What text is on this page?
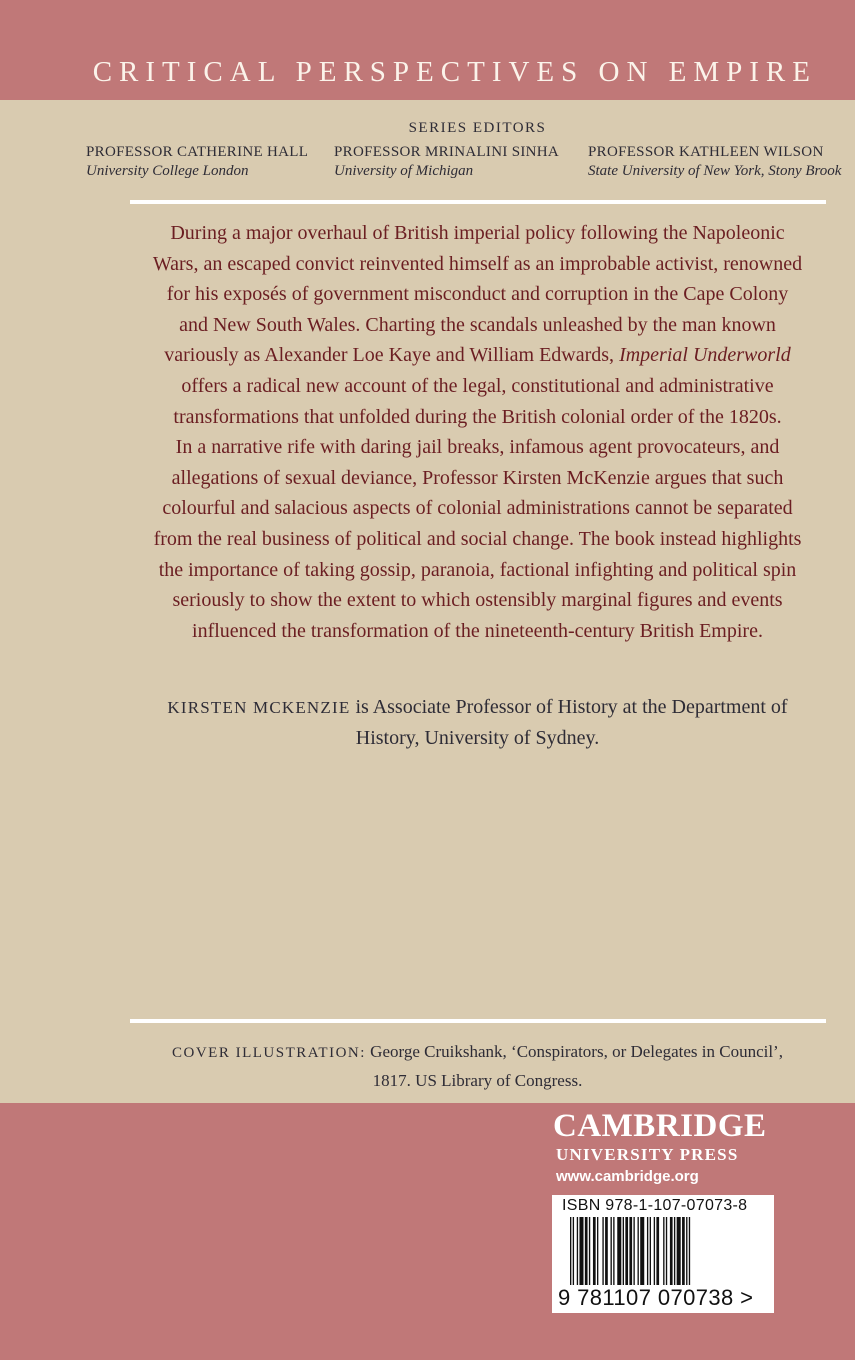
CRITICAL PERSPECTIVES ON EMPIRE
SERIES EDITORS
PROFESSOR CATHERINE HALL
University College London
PROFESSOR MRINALINI SINHA
University of Michigan
PROFESSOR KATHLEEN WILSON
State University of New York, Stony Brook
During a major overhaul of British imperial policy following the Napoleonic
Wars, an escaped convict reinvented himself as an improbable activist, renowned
for his exposés of government misconduct and corruption in the Cape Colony
and New South Wales. Charting the scandals unleashed by the man known
variously as Alexander Loe Kaye and William Edwards, Imperial Underworld
offers a radical new account of the legal, constitutional and administrative
transformations that unfolded during the British colonial order of the 1820s.
In a narrative rife with daring jail breaks, infamous agent provocateurs, and
allegations of sexual deviance, Professor Kirsten McKenzie argues that such
colourful and salacious aspects of colonial administrations cannot be separated
from the real business of political and social change. The book instead highlights
the importance of taking gossip, paranoia, factional infighting and political spin
seriously to show the extent to which ostensibly marginal figures and events
influenced the transformation of the nineteenth-century British Empire.
KIRSTEN MCKENZIE is Associate Professor of History at the Department of
History, University of Sydney.
COVER ILLUSTRATION: George Cruikshank, ‘Conspirators, or Delegates in Council’,
1817. US Library of Congress.
CAMBRIDGE
UNIVERSITY PRESS
www.cambridge.org
ISBN 978-1-107-07073-8
9 781107 070738 >
